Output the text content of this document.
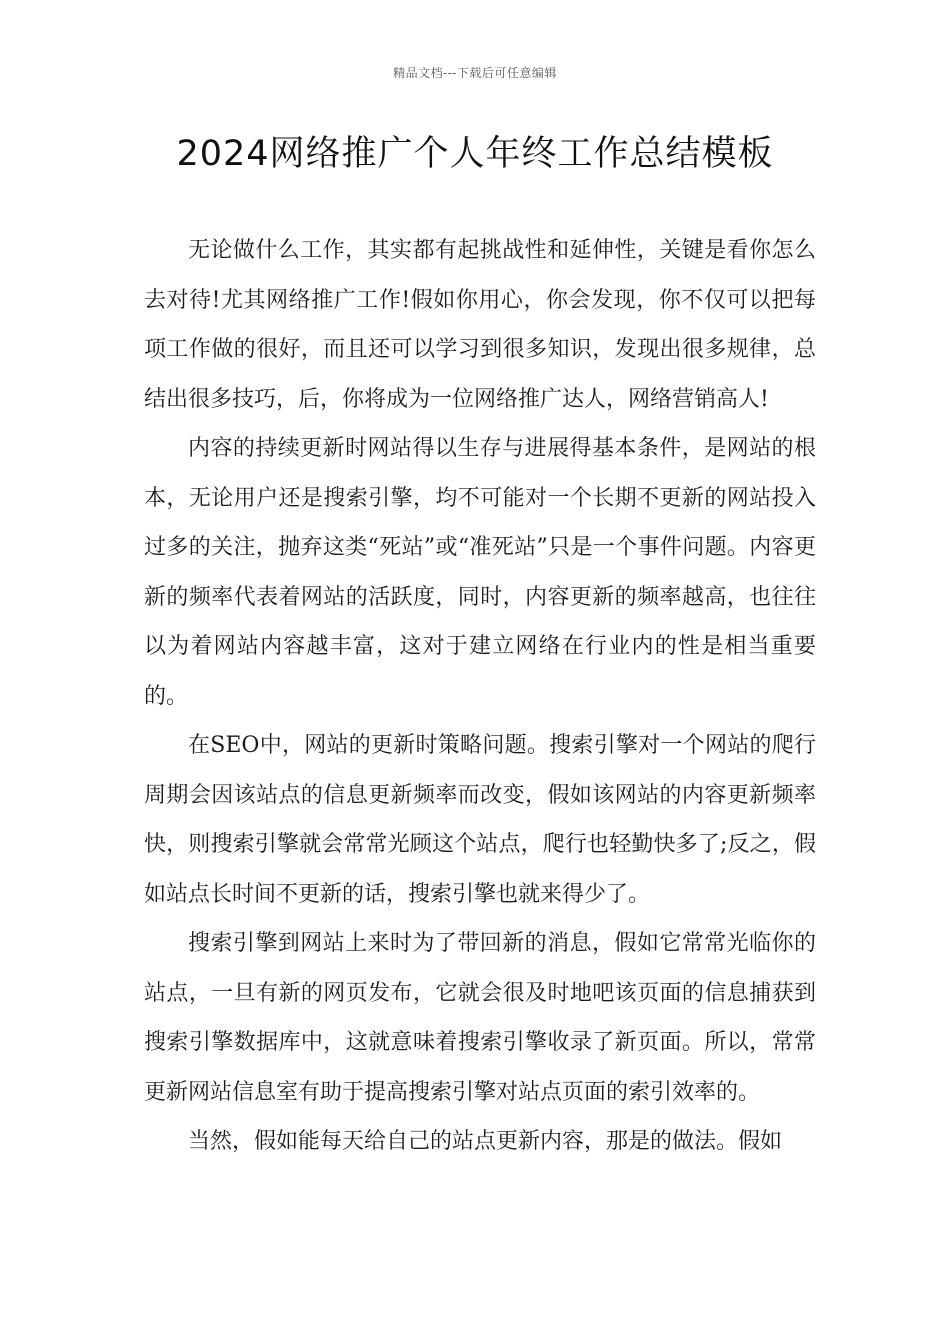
精品文档---下载后可任意编辑
2024网络推广个人年终工作总结模板

无论做什么工作，其实都有起挑战性和延伸性，关键是看你怎么去对待!尤其网络推广工作!假如你用心，你会发现，你不仅可以把每项工作做的很好，而且还可以学习到很多知识，发现出很多规律，总结出很多技巧，后，你将成为一位网络推广达人，网络营销高人!

内容的持续更新时网站得以生存与进展得基本条件，是网站的根本，无论用户还是搜索引擎，均不可能对一个长期不更新的网站投入过多的关注，抛弃这类“死站”或“准死站”只是一个事件问题。内容更新的频率代表着网站的活跃度，同时，内容更新的频率越高，也往往以为着网站内容越丰富，这对于建立网络在行业内的性是相当重要的。

在SEO中，网站的更新时策略问题。搜索引擎对一个网站的爬行周期会因该站点的信息更新频率而改变，假如该网站的内容更新频率快，则搜索引擎就会常常光顾这个站点，爬行也轻勤快多了;反之，假如站点长时间不更新的话，搜索引擎也就来得少了。

搜索引擎到网站上来时为了带回新的消息，假如它常常光临你的站点，一旦有新的网页发布，它就会很及时地吧该页面的信息捕获到搜索引擎数据库中，这就意味着搜索引擎收录了新页面。所以，常常更新网站信息室有助于提高搜索引擎对站点页面的索引效率的。

当然，假如能每天给自己的站点更新内容，那是的做法。假如
